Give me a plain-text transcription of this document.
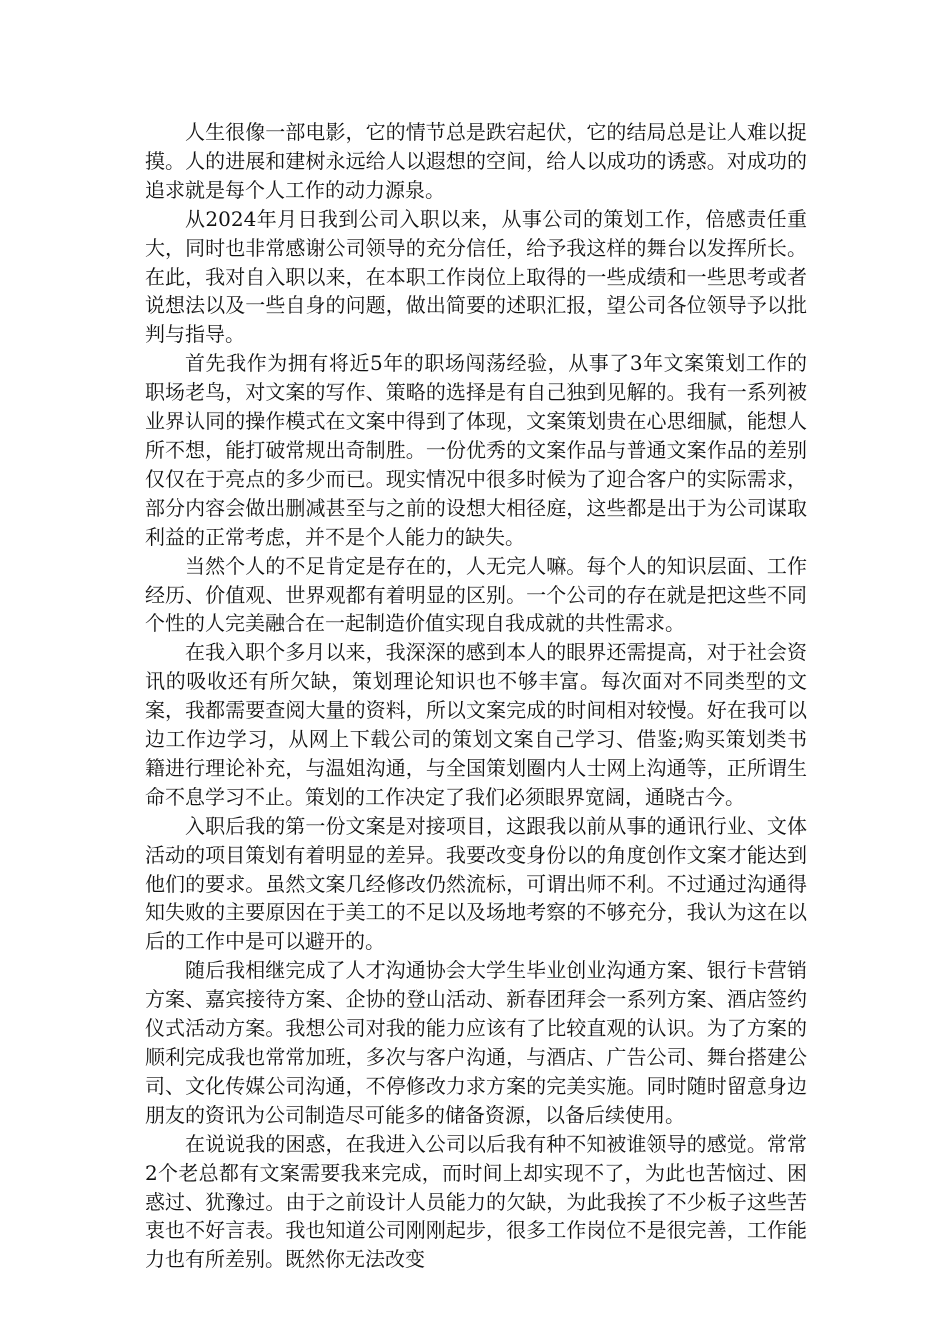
人生很像一部电影，它的情节总是跌宕起伏，它的结局总是让人难以捉摸。人的进展和建树永远给人以遐想的空间，给人以成功的诱惑。对成功的追求就是每个人工作的动力源泉。

从2024年月日我到公司入职以来，从事公司的策划工作，倍感责任重大，同时也非常感谢公司领导的充分信任，给予我这样的舞台以发挥所长。在此，我对自入职以来，在本职工作岗位上取得的一些成绩和一些思考或者说想法以及一些自身的问题，做出简要的述职汇报，望公司各位领导予以批判与指导。

首先我作为拥有将近5年的职场闯荡经验，从事了3年文案策划工作的职场老鸟，对文案的写作、策略的选择是有自己独到见解的。我有一系列被业界认同的操作模式在文案中得到了体现，文案策划贵在心思细腻，能想人所不想，能打破常规出奇制胜。一份优秀的文案作品与普通文案作品的差别仅仅在于亮点的多少而已。现实情况中很多时候为了迎合客户的实际需求，部分内容会做出删减甚至与之前的设想大相径庭，这些都是出于为公司谋取利益的正常考虑，并不是个人能力的缺失。

当然个人的不足肯定是存在的，人无完人嘛。每个人的知识层面、工作经历、价值观、世界观都有着明显的区别。一个公司的存在就是把这些不同个性的人完美融合在一起制造价值实现自我成就的共性需求。

在我入职个多月以来，我深深的感到本人的眼界还需提高，对于社会资讯的吸收还有所欠缺，策划理论知识也不够丰富。每次面对不同类型的文案，我都需要查阅大量的资料，所以文案完成的时间相对较慢。好在我可以边工作边学习，从网上下载公司的策划文案自己学习、借鉴;购买策划类书籍进行理论补充，与温姐沟通，与全国策划圈内人士网上沟通等，正所谓生命不息学习不止。策划的工作决定了我们必须眼界宽阔，通晓古今。

入职后我的第一份文案是对接项目，这跟我以前从事的通讯行业、文体活动的项目策划有着明显的差异。我要改变身份以的角度创作文案才能达到他们的要求。虽然文案几经修改仍然流标，可谓出师不利。不过通过沟通得知失败的主要原因在于美工的不足以及场地考察的不够充分，我认为这在以后的工作中是可以避开的。

随后我相继完成了人才沟通协会大学生毕业创业沟通方案、银行卡营销方案、嘉宾接待方案、企协的登山活动、新春团拜会一系列方案、酒店签约仪式活动方案。我想公司对我的能力应该有了比较直观的认识。为了方案的顺利完成我也常常加班，多次与客户沟通，与酒店、广告公司、舞台搭建公司、文化传媒公司沟通，不停修改力求方案的完美实施。同时随时留意身边朋友的资讯为公司制造尽可能多的储备资源，以备后续使用。

在说说我的困惑，在我进入公司以后我有种不知被谁领导的感觉。常常2个老总都有文案需要我来完成，而时间上却实现不了，为此也苦恼过、困惑过、犹豫过。由于之前设计人员能力的欠缺，为此我挨了不少板子这些苦衷也不好言表。我也知道公司刚刚起步，很多工作岗位不是很完善，工作能力也有所差别。既然你无法改变
